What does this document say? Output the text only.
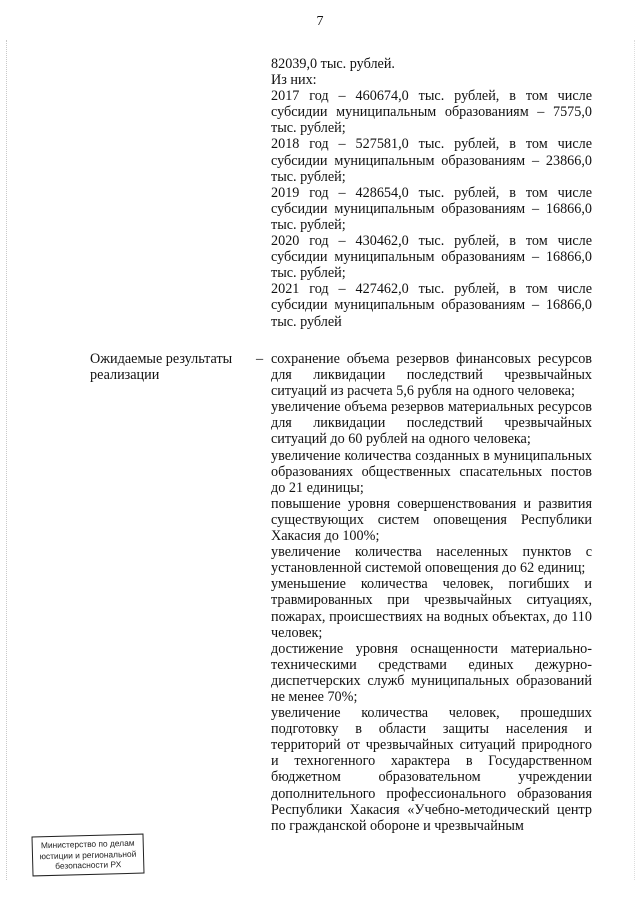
7

82039,0 тыс. рублей.

Из них:

2017 год – 460674,0 тыс. рублей, в том числе субсидии муниципальным образованиям – 7575,0 тыс. рублей;

2018 год – 527581,0 тыс. рублей, в том числе субсидии муниципальным образованиям – 23866,0 тыс. рублей;

2019 год – 428654,0 тыс. рублей, в том числе субсидии муниципальным образованиям – 16866,0 тыс. рублей;

2020 год – 430462,0 тыс. рублей, в том числе субсидии муниципальным образованиям – 16866,0 тыс. рублей;

2021 год – 427462,0 тыс. рублей, в том числе субсидии муниципальным образованиям – 16866,0 тыс. рублей

Ожидаемые результаты реализации
– сохранение объема резервов финансовых ресурсов для ликвидации последствий чрезвычайных ситуаций из расчета 5,6 рубля на одного человека;

увеличение объема резервов материальных ресурсов для ликвидации последствий чрезвычайных ситуаций до 60 рублей на одного человека;

увеличение количества созданных в муниципальных образованиях общественных спасательных постов до 21 единицы;

повышение уровня совершенствования и развития существующих систем оповещения Республики Хакасия до 100%;

увеличение количества населенных пунктов с установленной системой оповещения до 62 единиц;

уменьшение количества человек, погибших и травмированных при чрезвычайных ситуациях, пожарах, происшествиях на водных объектах, до 110 человек;

достижение уровня оснащенности материально-техническими средствами единых дежурно-диспетчерских служб муниципальных образований не менее 70%;

увеличение количества человек, прошедших подготовку в области защиты населения и территорий от чрезвычайных ситуаций природного и техногенного характера в Государственном бюджетном образовательном учреждении дополнительного профессионального образования Республики Хакасия «Учебно-методический центр по гражданской обороне и чрезвычайным

Министерство по делам
юстиции и региональной
безопасности РХ
